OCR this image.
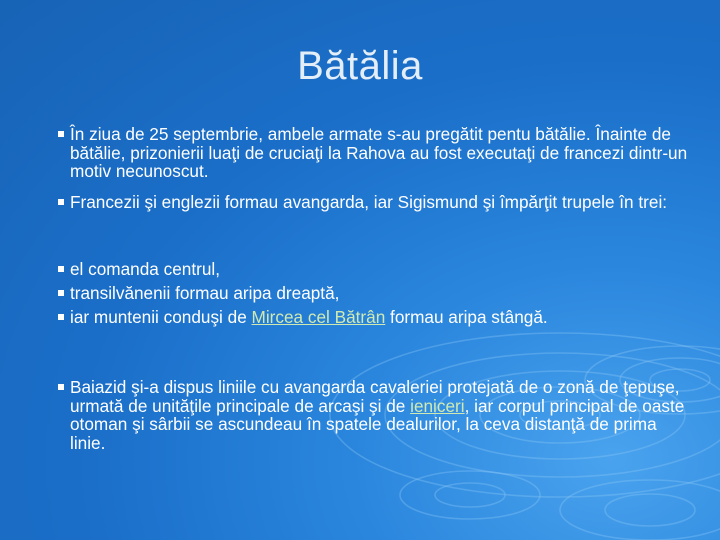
Bătălia
În ziua de 25 septembrie, ambele armate s-au pregătit pentu bătălie. Înainte de bătălie, prizonierii luaţi de cruciaţi la Rahova au fost executaţi de francezi dintr-un motiv necunoscut.
Francezii şi englezii formau avangarda, iar Sigismund şi împărţit trupele în trei:
el comanda centrul,
transilvănenii formau aripa dreaptă,
iar muntenii conduşi de Mircea cel Bătrân formau aripa stângă.
Baiazid şi-a dispus liniile cu avangarda cavaleriei protejată de o zonă de ţepuşe, urmată de unităţile principale de arcaşi şi de ieniceri, iar corpul principal de oaste otoman şi sârbii se ascundeau în spatele dealurilor, la ceva distanţă de prima linie.
